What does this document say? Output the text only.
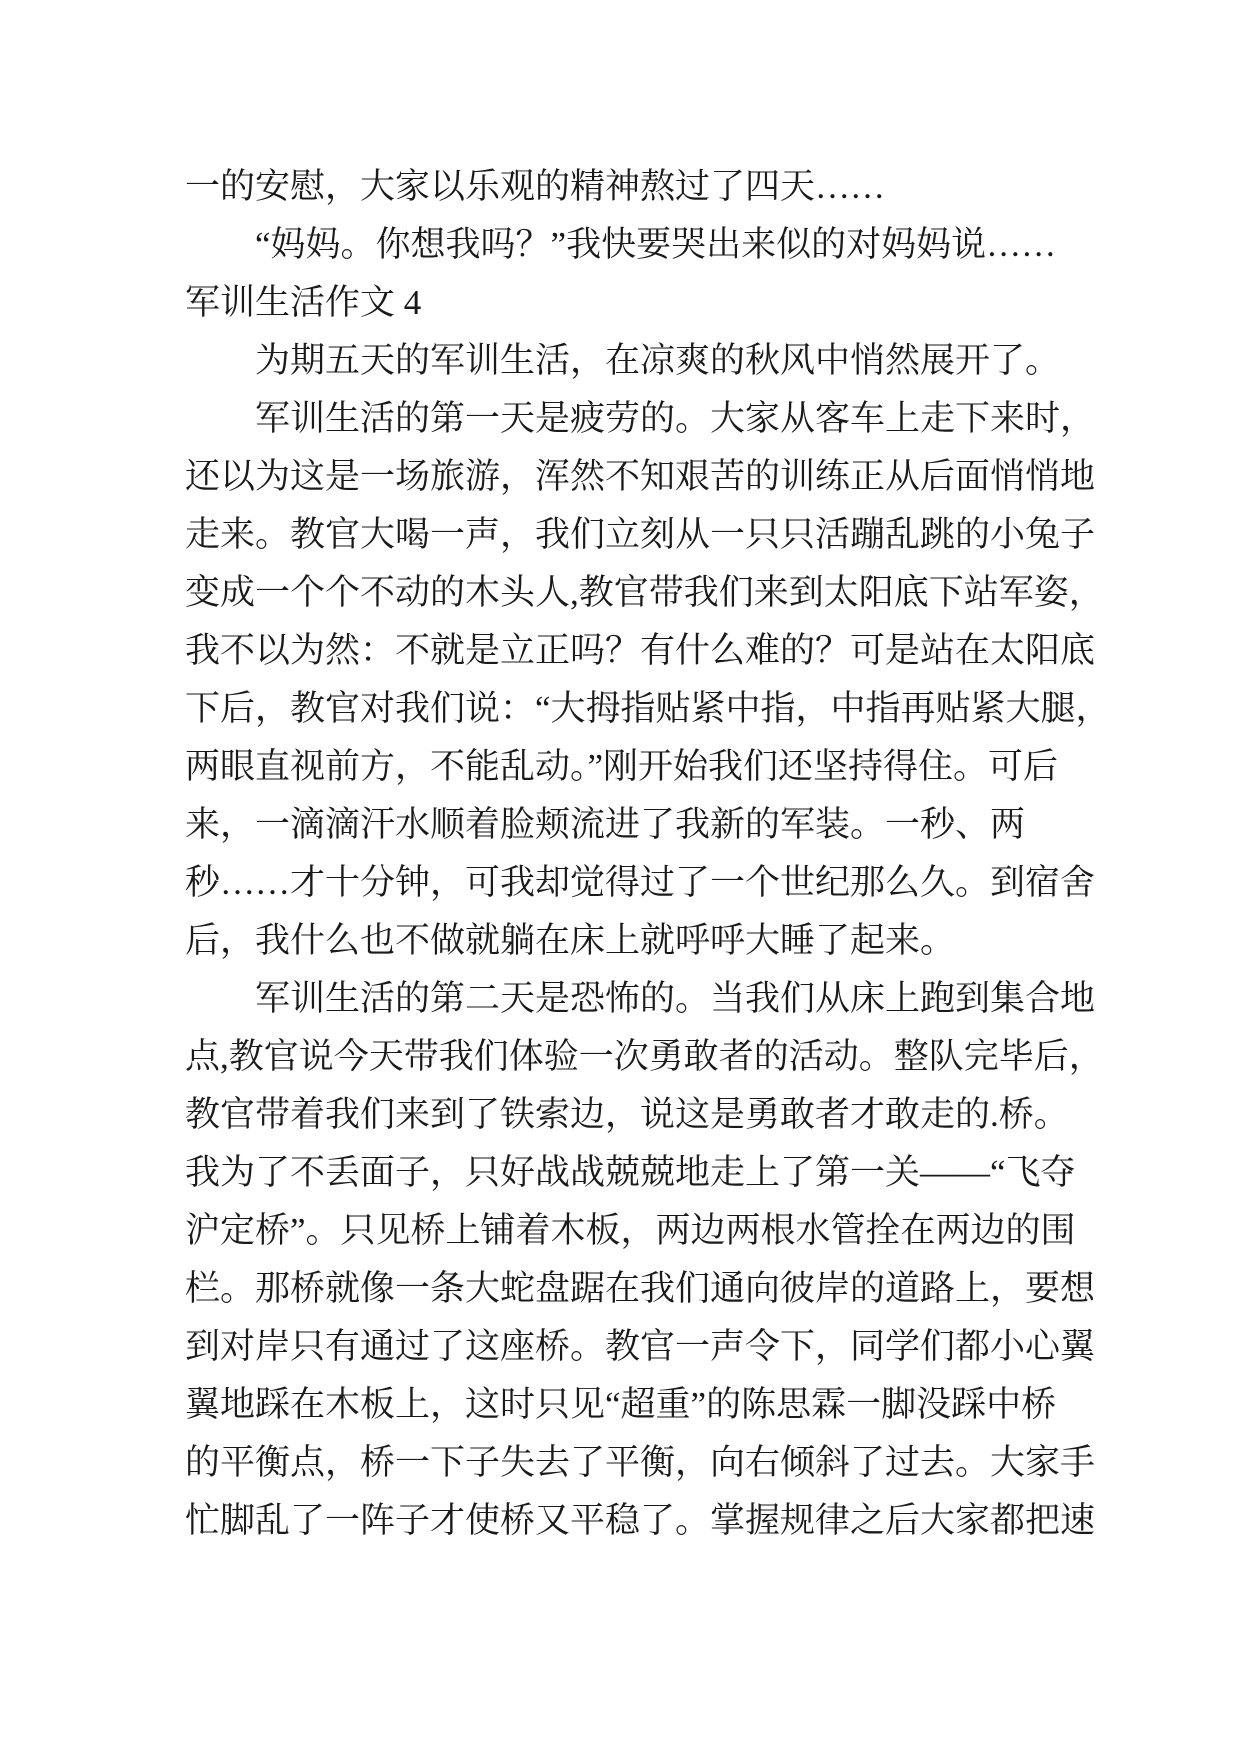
一的安慰，大家以乐观的精神熬过了四天……
“妈妈。你想我吗？”我快要哭出来似的对妈妈说……
军训生活作文 4
为期五天的军训生活，在凉爽的秋风中悄然展开了。
军训生活的第一天是疲劳的。大家从客车上走下来时，
还以为这是一场旅游，浑然不知艰苦的训练正从后面悄悄地
走来。教官大喝一声，我们立刻从一只只活蹦乱跳的小兔子
变成一个个不动的木头人,教官带我们来到太阳底下站军姿，
我不以为然：不就是立正吗？有什么难的？可是站在太阳底
下后，教官对我们说：“大拇指贴紧中指，中指再贴紧大腿，
两眼直视前方，不能乱动。”刚开始我们还坚持得住。可后
来，一滴滴汗水顺着脸颊流进了我新的军装。一秒、两
秒……才十分钟，可我却觉得过了一个世纪那么久。到宿舍
后，我什么也不做就躺在床上就呼呼大睡了起来。
军训生活的第二天是恐怖的。当我们从床上跑到集合地
点,教官说今天带我们体验一次勇敢者的活动。整队完毕后，
教官带着我们来到了铁索边，说这是勇敢者才敢走的.桥。
我为了不丢面子，只好战战兢兢地走上了第一关——“飞夺
沪定桥”。只见桥上铺着木板，两边两根水管拴在两边的围
栏。那桥就像一条大蛇盘踞在我们通向彼岸的道路上，要想
到对岸只有通过了这座桥。教官一声令下，同学们都小心翼
翼地踩在木板上，这时只见“超重”的陈思霖一脚没踩中桥
的平衡点，桥一下子失去了平衡，向右倾斜了过去。大家手
忙脚乱了一阵子才使桥又平稳了。掌握规律之后大家都把速
